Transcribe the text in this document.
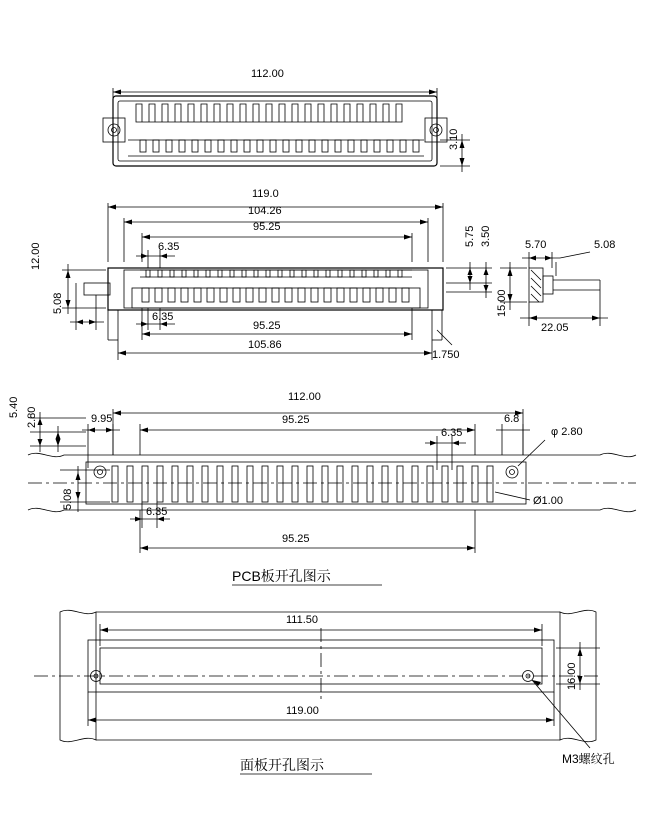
112.00
3.10
119.0
104.26
95.25
6.35	5.75 3.50
12.00
5.08
6.35
95.25
105.86
1.750
5.70	5.08
22.05
15.00
112.00
5.40 2.80	9.95	95.25
6.35
6.8
φ 2.80
Ø1.00
5.08
6.35
95.25
PCB板开孔图示
111.50
16.00
119.00
M3螺纹孔
面板开孔图示
